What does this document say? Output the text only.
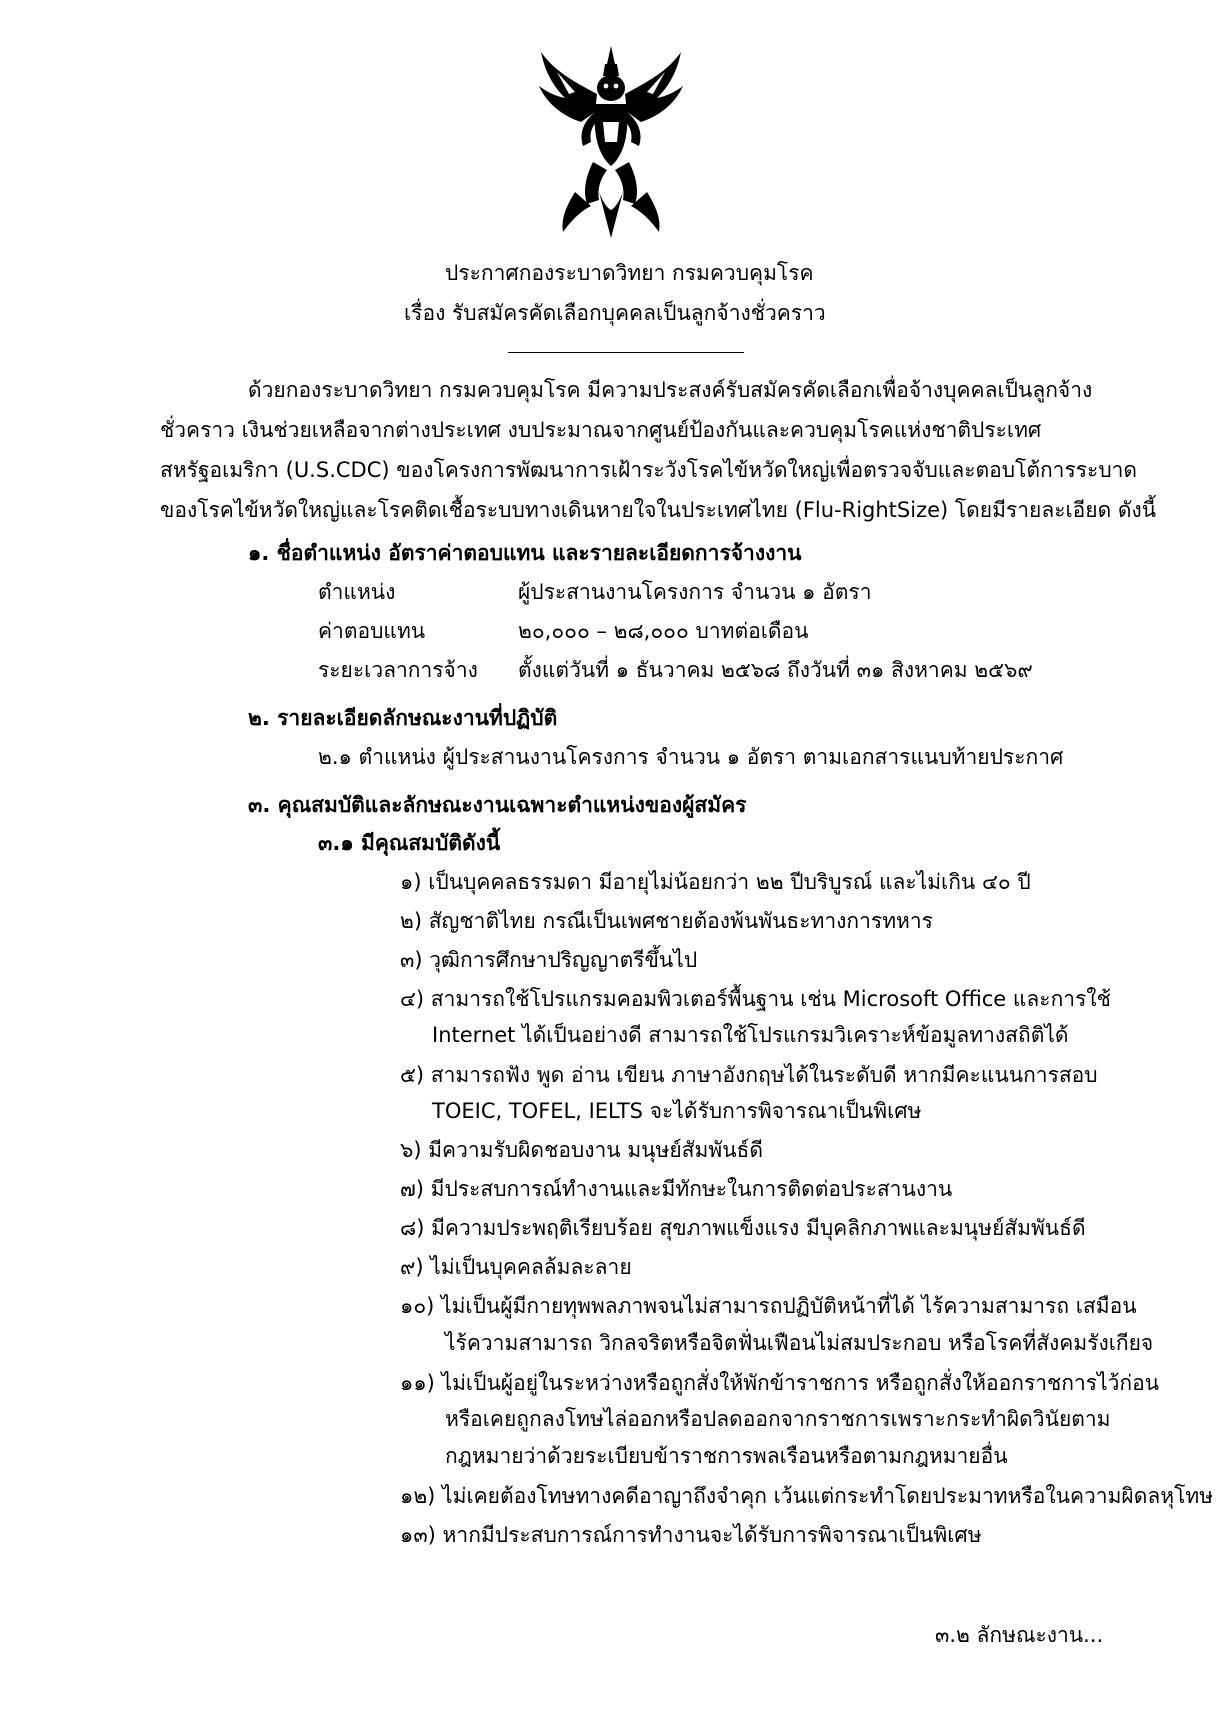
ประกาศกองระบาดวิทยา กรมควบคุมโรค
เรื่อง รับสมัครคัดเลือกบุคคลเป็นลูกจ้างชั่วคราว
ด้วยกองระบาดวิทยา กรมควบคุมโรค มีความประสงค์รับสมัครคัดเลือกเพื่อจ้างบุคคลเป็นลูกจ้าง
ชั่วคราว เงินช่วยเหลือจากต่างประเทศ งบประมาณจากศูนย์ป้องกันและควบคุมโรคแห่งชาติประเทศ
สหรัฐอเมริกา (U.S.CDC) ของโครงการพัฒนาการเฝ้าระวังโรคไข้หวัดใหญ่เพื่อตรวจจับและตอบโต้การระบาด
ของโรคไข้หวัดใหญ่และโรคติดเชื้อระบบทางเดินหายใจในประเทศไทย (Flu-RightSize) โดยมีรายละเอียด ดังนี้
๑. ชื่อตำแหน่ง อัตราค่าตอบแทน และรายละเอียดการจ้างงาน
ตำแหน่ง	ผู้ประสานงานโครงการ จำนวน ๑ อัตรา
ค่าตอบแทน	๒๐,๐๐๐ – ๒๘,๐๐๐ บาทต่อเดือน
ระยะเวลาการจ้าง ตั้งแต่วันที่ ๑ ธันวาคม ๒๕๖๘ ถึงวันที่ ๓๑ สิงหาคม ๒๕๖๙
๒. รายละเอียดลักษณะงานที่ปฏิบัติ
๒.๑ ตำแหน่ง ผู้ประสานงานโครงการ จำนวน ๑ อัตรา ตามเอกสารแนบท้ายประกาศ
๓. คุณสมบัติและลักษณะงานเฉพาะตำแหน่งของผู้สมัคร
๓.๑ มีคุณสมบัติดังนี้
๑) เป็นบุคคลธรรมดา มีอายุไม่น้อยกว่า ๒๒ ปีบริบูรณ์ และไม่เกิน ๔๐ ปี
๒) สัญชาติไทย กรณีเป็นเพศชายต้องพ้นพันธะทางการทหาร
๓) วุฒิการศึกษาปริญญาตรีขึ้นไป
๔) สามารถใช้โปรแกรมคอมพิวเตอร์พื้นฐาน เช่น Microsoft Office และการใช้
Internet ได้เป็นอย่างดี สามารถใช้โปรแกรมวิเคราะห์ข้อมูลทางสถิติได้
๕) สามารถฟัง พูด อ่าน เขียน ภาษาอังกฤษได้ในระดับดี หากมีคะแนนการสอบ
TOEIC, TOFEL, IELTS จะได้รับการพิจารณาเป็นพิเศษ
๖) มีความรับผิดชอบงาน มนุษย์สัมพันธ์ดี
๗) มีประสบการณ์ทำงานและมีทักษะในการติดต่อประสานงาน
๘) มีความประพฤติเรียบร้อย สุขภาพแข็งแรง มีบุคลิกภาพและมนุษย์สัมพันธ์ดี
๙) ไม่เป็นบุคคลล้มละลาย
๑๐) ไม่เป็นผู้มีกายทุพพลภาพจนไม่สามารถปฏิบัติหน้าที่ได้ ไร้ความสามารถ เสมือน
ไร้ความสามารถ วิกลจริตหรือจิตฟั่นเฟือนไม่สมประกอบ หรือโรคที่สังคมรังเกียจ
๑๑) ไม่เป็นผู้อยู่ในระหว่างหรือถูกสั่งให้พักข้าราชการ หรือถูกสั่งให้ออกราชการไว้ก่อน
หรือเคยถูกลงโทษไล่ออกหรือปลดออกจากราชการเพราะกระทำผิดวินัยตาม
กฎหมายว่าด้วยระเบียบข้าราชการพลเรือนหรือตามกฎหมายอื่น
๑๒) ไม่เคยต้องโทษทางคดีอาญาถึงจำคุก เว้นแต่กระทำโดยประมาทหรือในความผิดลหุโทษ
๑๓) หากมีประสบการณ์การทำงานจะได้รับการพิจารณาเป็นพิเศษ
๓.๒ ลักษณะงาน...
